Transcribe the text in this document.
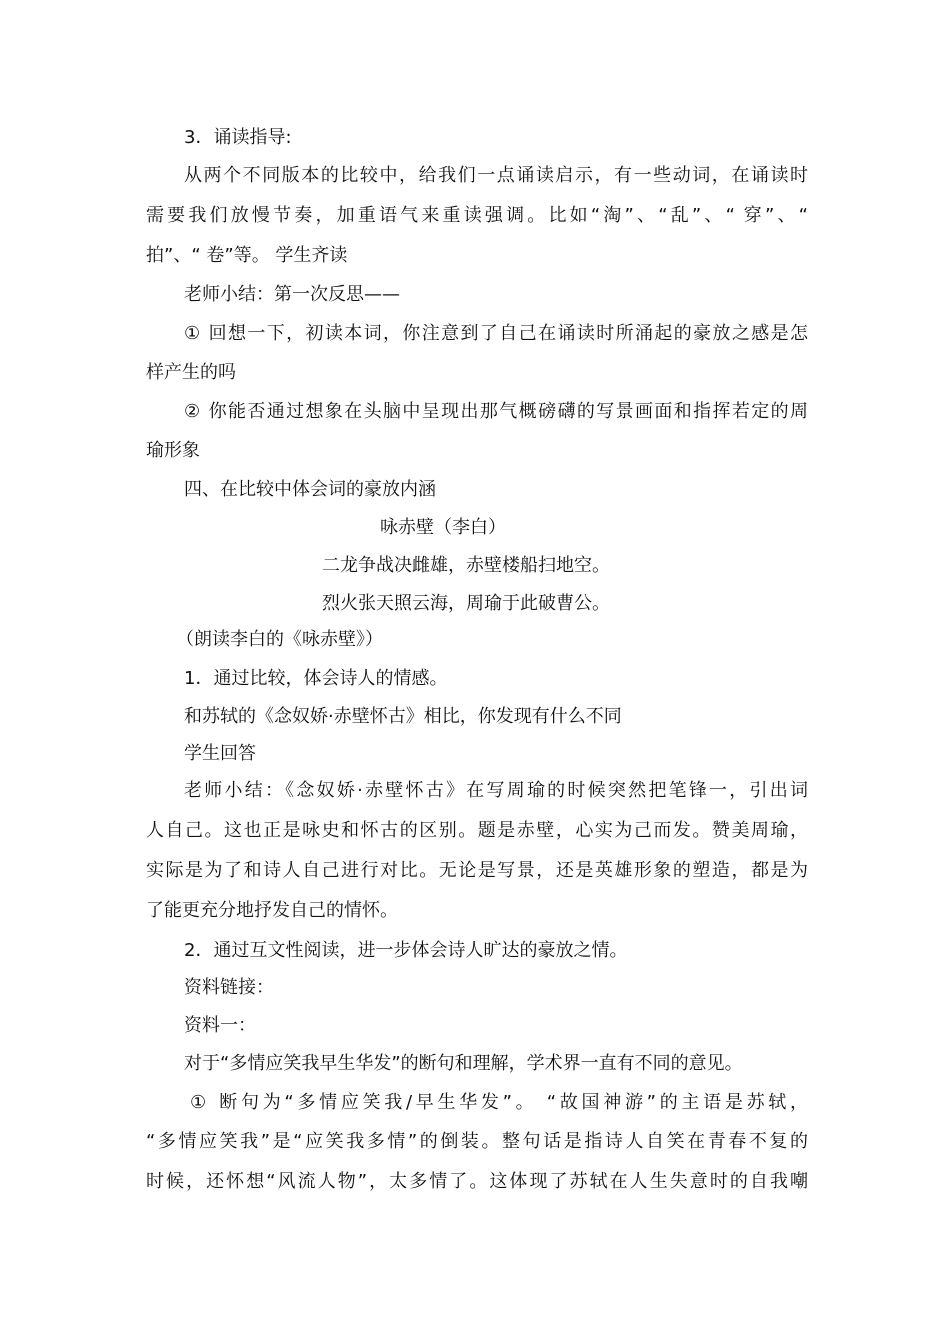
3．诵读指导:
从两个不同版本的比较中，给我们一点诵读启示，有一些动词，在诵读时
需要我们放慢节奏，加重语气来重读强调。比如“淘”、“乱”、“ 穿”、“
拍”、“ 卷”等。 学生齐读
老师小结：第一次反思——
① 回想一下，初读本词，你注意到了自己在诵读时所涌起的豪放之感是怎
样产生的吗
② 你能否通过想象在头脑中呈现出那气概磅礴的写景画面和指挥若定的周
瑜形象
四、在比较中体会词的豪放内涵
咏赤壁（李白）
二龙争战决雌雄，赤壁楼船扫地空。
烈火张天照云海，周瑜于此破曹公。
（朗读李白的《咏赤壁》）
1．通过比较，体会诗人的情感。
和苏轼的《念奴娇·赤壁怀古》相比，你发现有什么不同
学生回答
老师小结：《念奴娇·赤壁怀古》在写周瑜的时候突然把笔锋一，引出词
人自己。这也正是咏史和怀古的区别。题是赤壁，心实为己而发。赞美周瑜，
实际是为了和诗人自己进行对比。无论是写景，还是英雄形象的塑造，都是为
了能更充分地抒发自己的情怀。
2．通过互文性阅读，进一步体会诗人旷达的豪放之情。
资料链接：
资料一：
对于“多情应笑我早生华发”的断句和理解，学术界一直有不同的意见。
① 断句为“多情应笑我/早生华发”。 “故国神游”的主语是苏轼，
“多情应笑我”是“应笑我多情”的倒装。整句话是指诗人自笑在青春不复的
时候，还怀想“风流人物”，太多情了。这体现了苏轼在人生失意时的自我嘲
